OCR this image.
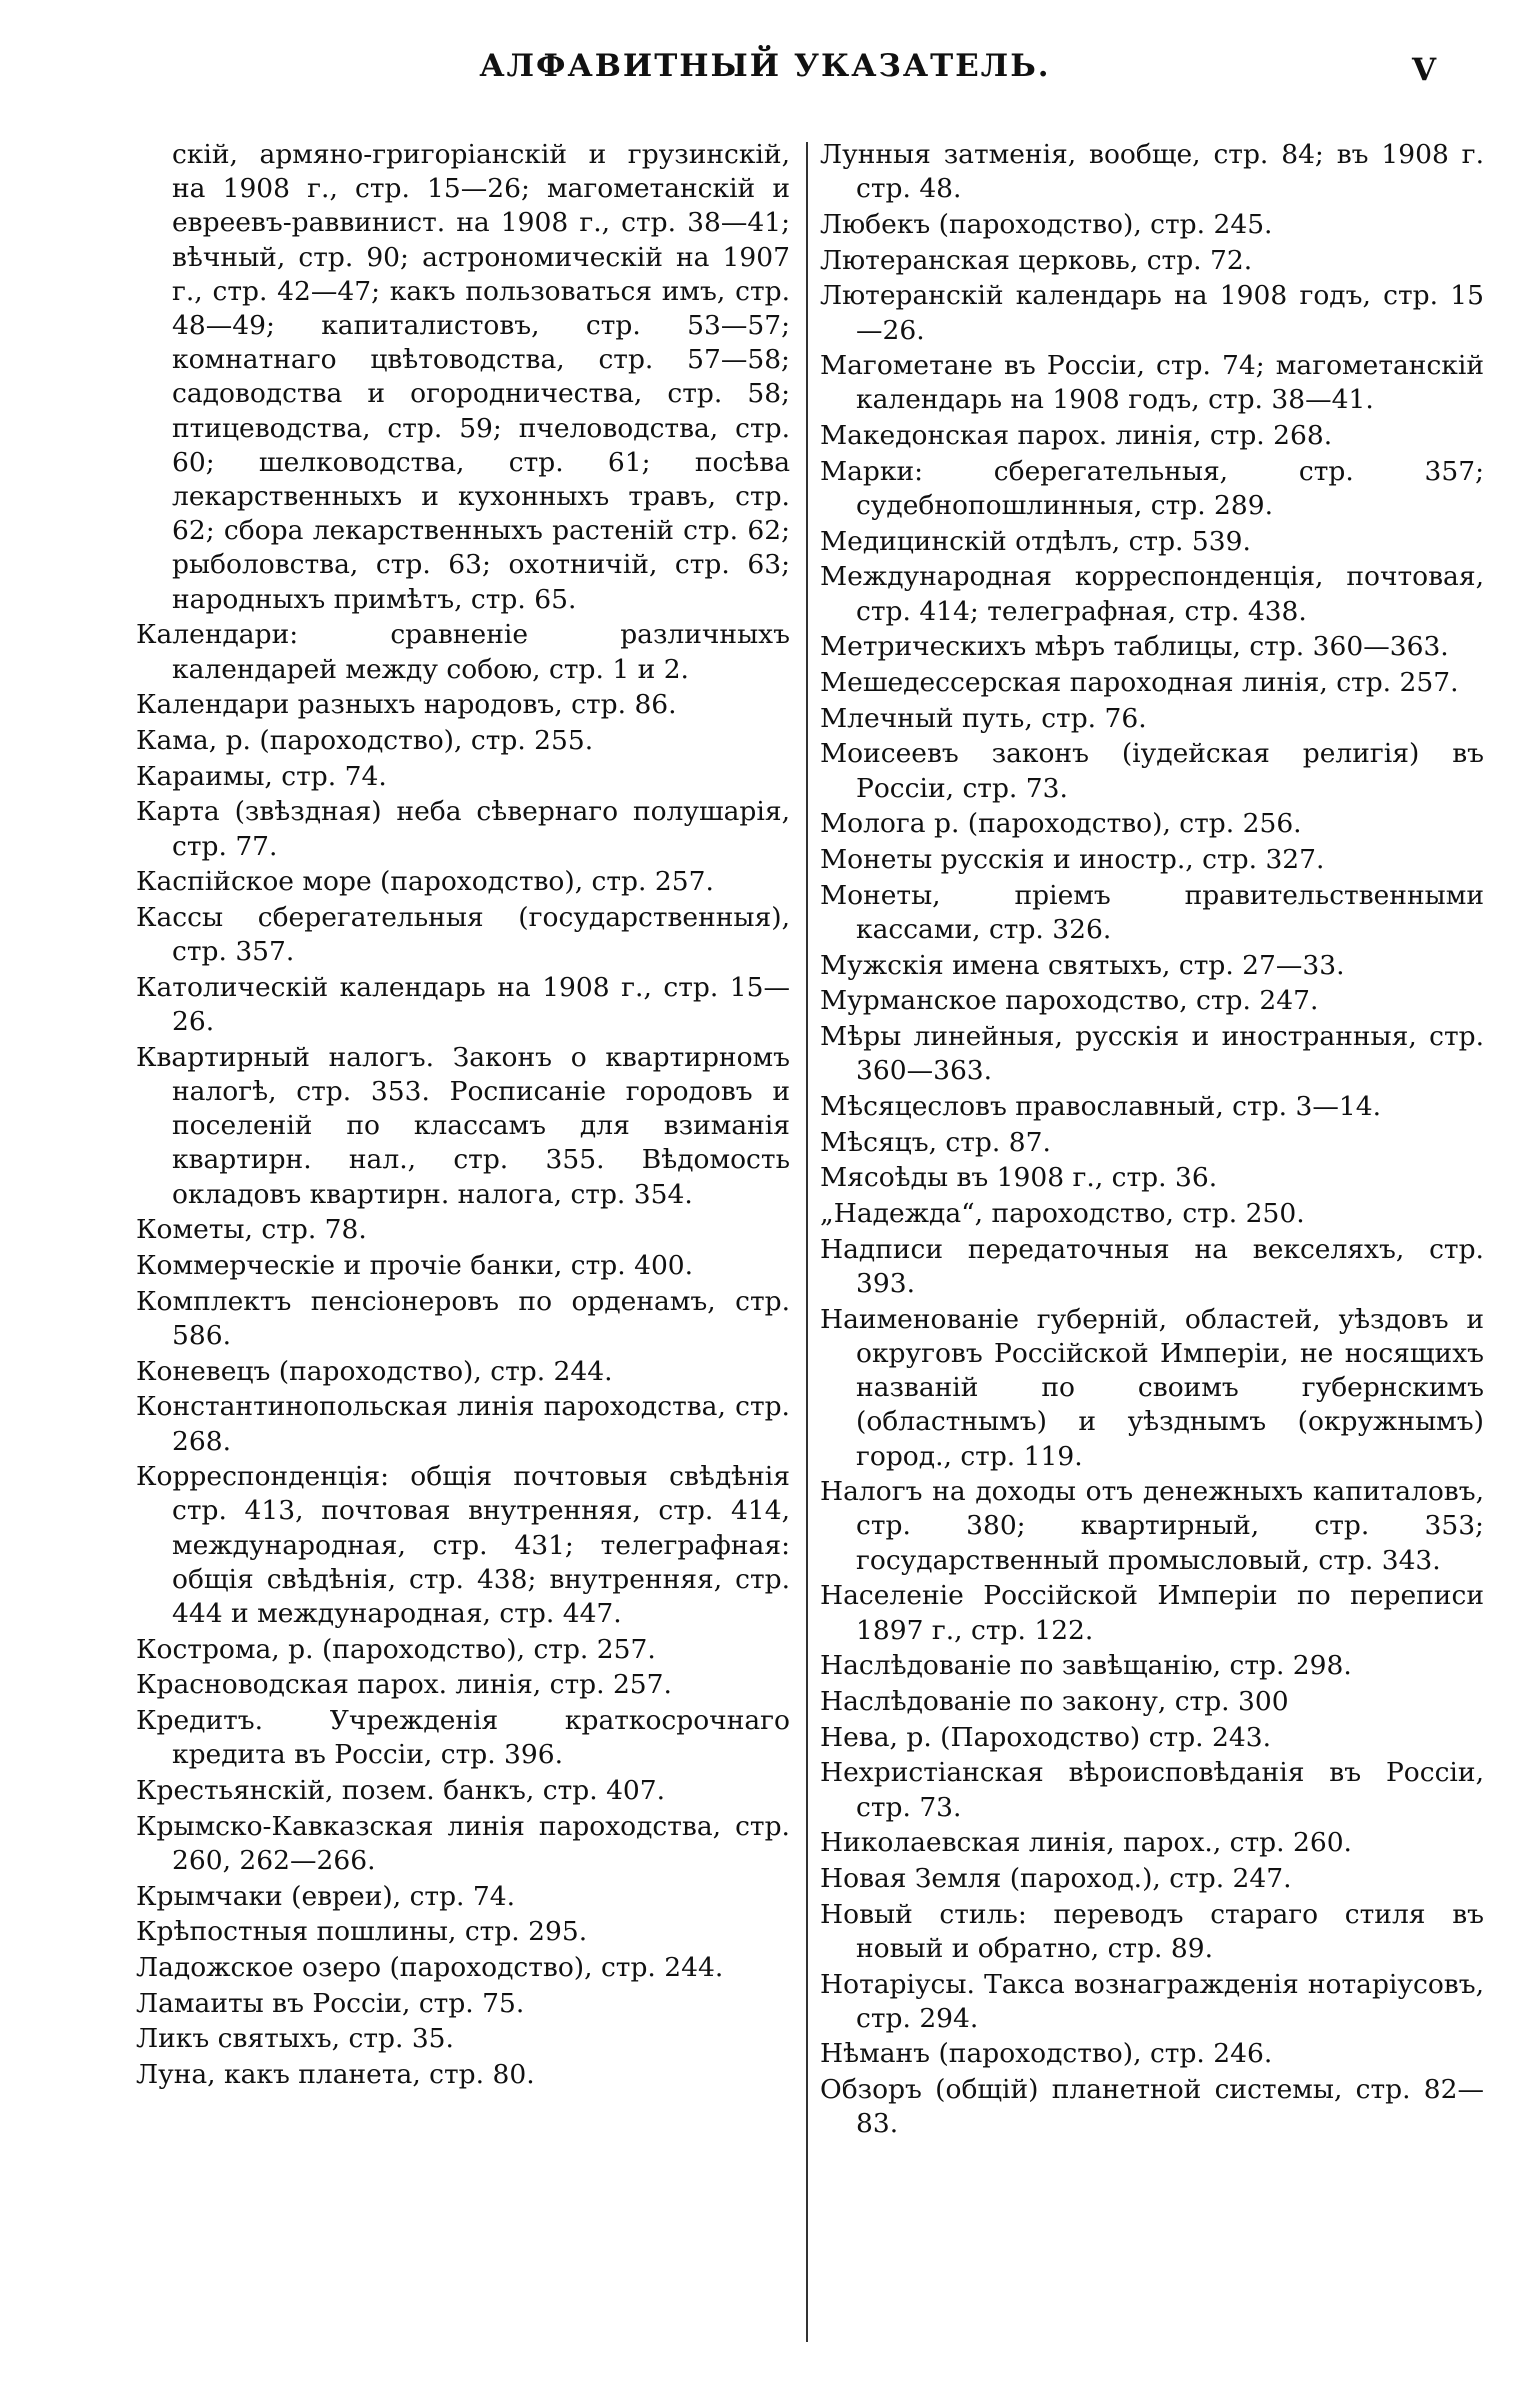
АЛФАВИТНЫЙ УКАЗАТЕЛЬ.	V
скій, армяно-григоріанскій и грузинскій, на 1908 г., стр. 15—26; магометанскій и евреевъ-раввинист. на 1908 г., стр. 38—41; вѣчный, стр. 90; астрономическій на 1907 г., стр. 42—47; какъ пользоваться имъ, стр. 48—49; капиталистовъ, стр. 53—57; комнатнаго цвѣтоводства, стр. 57—58; садоводства и огородничества, стр. 58; птицеводства, стр. 59; пчеловодства, стр. 60; шелководства, стр. 61; посѣва лекарственныхъ и кухонныхъ травъ, стр. 62; сбора лекарственныхъ растеній стр. 62; рыболовства, стр. 63; охотничій, стр. 63; народныхъ примѣтъ, стр. 65.
Календари: сравненіе различныхъ календарей между собою, стр. 1 и 2.
Календари разныхъ народовъ, стр. 86.
Кама, р. (пароходство), стр. 255.
Караимы, стр. 74.
Карта (звѣздная) неба сѣвернаго полушарія, стр. 77.
Каспійское море (пароходство), стр. 257.
Кассы сберегательныя (государственныя), стр. 357.
Католическій календарь на 1908 г., стр. 15—26.
Квартирный налогъ. Законъ о квартирномъ налогѣ, стр. 353. Росписаніе городовъ и поселеній по классамъ для взиманія квартирн. нал., стр. 355. Вѣдомость окладовъ квартирн. налога, стр. 354.
Кометы, стр. 78.
Коммерческіе и прочіе банки, стр. 400.
Комплектъ пенсіонеровъ по орденамъ, стр. 586.
Коневецъ (пароходство), стр. 244.
Константинопольская линія пароходства, стр. 268.
Корреспонденція: общія почтовыя свѣдѣнія стр. 413, почтовая внутренняя, стр. 414, международная, стр. 431; телеграфная: общія свѣдѣнія, стр. 438; внутренняя, стр. 444 и международная, стр. 447.
Кострома, р. (пароходство), стр. 257.
Красноводская парох. линія, стр. 257.
Кредитъ. Учрежденія краткосрочнаго кредита въ Россіи, стр. 396.
Крестьянскій, позем. банкъ, стр. 407.
Крымско-Кавказская линія пароходства, стр. 260, 262—266.
Крымчаки (евреи), стр. 74.
Крѣпостныя пошлины, стр. 295.
Ладожское озеро (пароходство), стр. 244.
Ламаиты въ Россіи, стр. 75.
Ликъ святыхъ, стр. 35.
Луна, какъ планета, стр. 80.
Лунныя затменія, вообще, стр. 84; въ 1908 г. стр. 48.
Любекъ (пароходство), стр. 245.
Лютеранская церковь, стр. 72.
Лютеранскій календарь на 1908 годъ, стр. 15—26.
Магометане въ Россіи, стр. 74; магометанскій календарь на 1908 годъ, стр. 38—41.
Македонская парох. линія, стр. 268.
Марки: сберегательныя, стр. 357; судебнопошлинныя, стр. 289.
Медицинскій отдѣлъ, стр. 539.
Международная корреспонденція, почтовая, стр. 414; телеграфная, стр. 438.
Метрическихъ мѣръ таблицы, стр. 360—363.
Мешедессерская пароходная линія, стр. 257.
Млечный путь, стр. 76.
Моисеевъ законъ (іудейская религія) въ Россіи, стр. 73.
Молога р. (пароходство), стр. 256.
Монеты русскія и иностр., стр. 327.
Монеты, пріемъ правительственными кассами, стр. 326.
Мужскія имена святыхъ, стр. 27—33.
Мурманское пароходство, стр. 247.
Мѣры линейныя, русскія и иностранныя, стр. 360—363.
Мѣсяцесловъ православный, стр. 3—14.
Мѣсяцъ, стр. 87.
Мясоѣды въ 1908 г., стр. 36.
„Надежда“, пароходство, стр. 250.
Надписи передаточныя на векселяхъ, стр. 393.
Наименованіе губерній, областей, уѣздовъ и округовъ Россійской Имперіи, не носящихъ названій по своимъ губернскимъ (областнымъ) и уѣзднымъ (окружнымъ) город., стр. 119.
Налогъ на доходы отъ денежныхъ капиталовъ, стр. 380; квартирный, стр. 353; государственный промысловый, стр. 343.
Населеніе Россійской Имперіи по переписи 1897 г., стр. 122.
Наслѣдованіе по завѣщанію, стр. 298.
Наслѣдованіе по закону, стр. 300
Нева, р. (Пароходство) стр. 243.
Нехристіанская вѣроисповѣданія въ Россіи, стр. 73.
Николаевская линія, парох., стр. 260.
Новая Земля (пароход.), стр. 247.
Новый стиль: переводъ стараго стиля въ новый и обратно, стр. 89.
Нотаріусы. Такса вознагражденія нотаріусовъ, стр. 294.
Нѣманъ (пароходство), стр. 246.
Обзоръ (общій) планетной системы, стр. 82—83.
